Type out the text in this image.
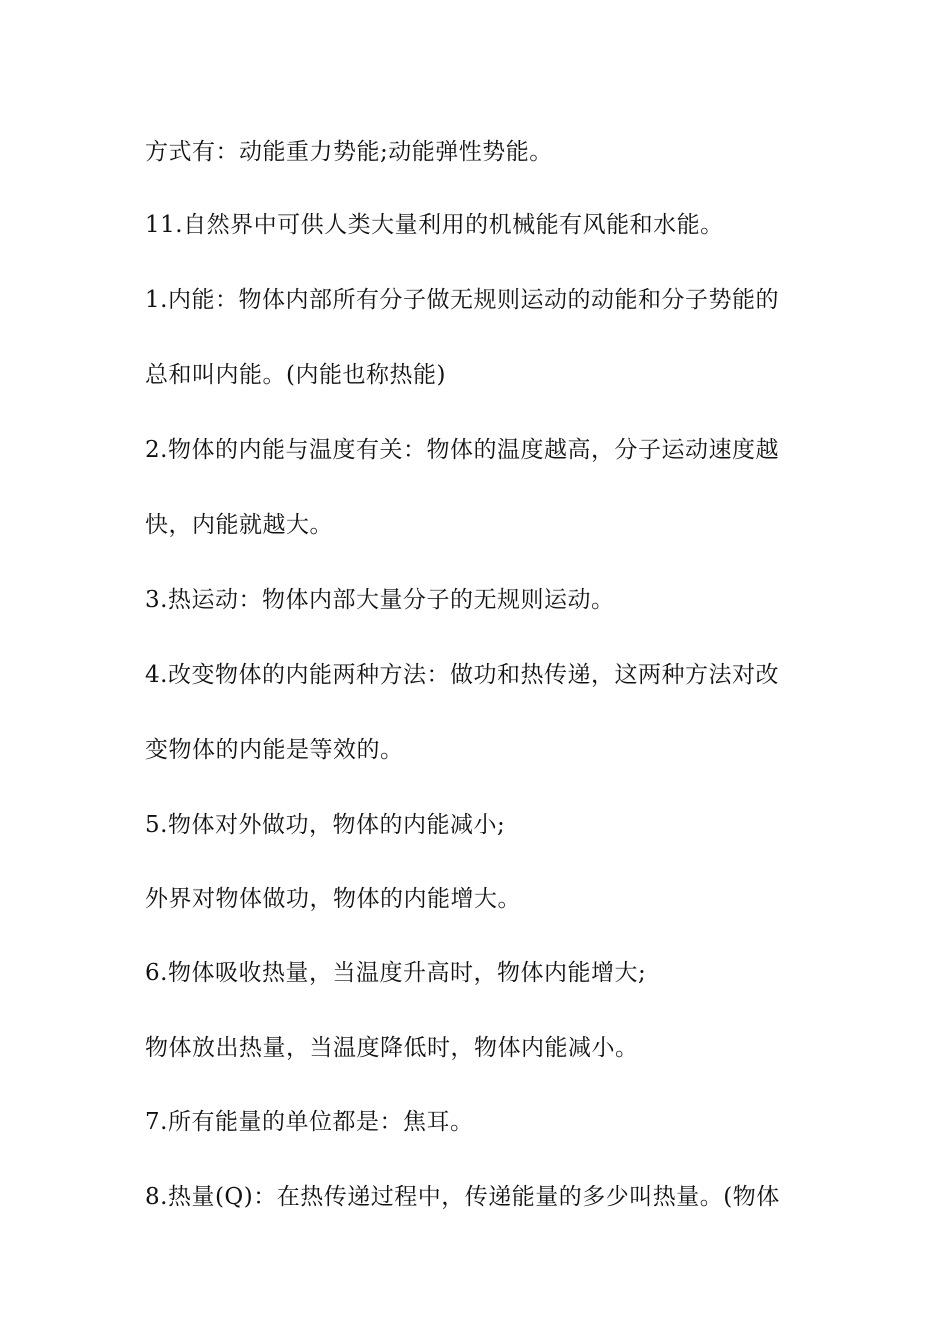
方式有：动能重力势能;动能弹性势能。
11.自然界中可供人类大量利用的机械能有风能和水能。
1.内能：物体内部所有分子做无规则运动的动能和分子势能的
总和叫内能。(内能也称热能)
2.物体的内能与温度有关：物体的温度越高，分子运动速度越
快，内能就越大。
3.热运动：物体内部大量分子的无规则运动。
4.改变物体的内能两种方法：做功和热传递，这两种方法对改
变物体的内能是等效的。
5.物体对外做功，物体的内能减小;
外界对物体做功，物体的内能增大。
6.物体吸收热量，当温度升高时，物体内能增大;
物体放出热量，当温度降低时，物体内能减小。
7.所有能量的单位都是：焦耳。
8.热量(Q)：在热传递过程中，传递能量的多少叫热量。(物体
